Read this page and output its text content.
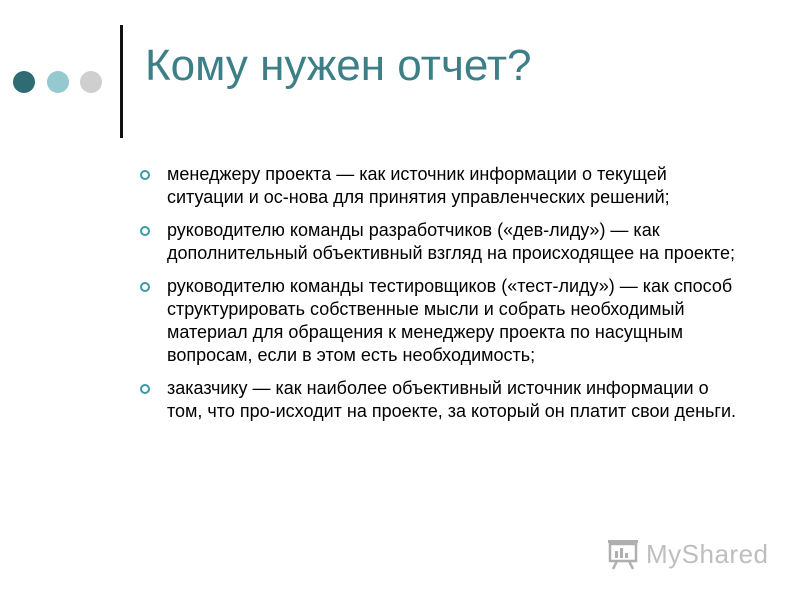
Кому нужен отчет?
менеджеру проекта — как источник информации о текущей ситуации и ос-нова для принятия управленческих решений;
руководителю команды разработчиков («дев-лиду») — как дополнительный объективный взгляд на происходящее на проекте;
руководителю команды тестировщиков («тест-лиду») — как способ структурировать собственные мысли и собрать необходимый материал для обращения к менеджеру проекта по насущным вопросам, если в этом есть необходимость;
заказчику — как наиболее объективный источник информации о том, что про-исходит на проекте, за который он платит свои деньги.
MyShared
